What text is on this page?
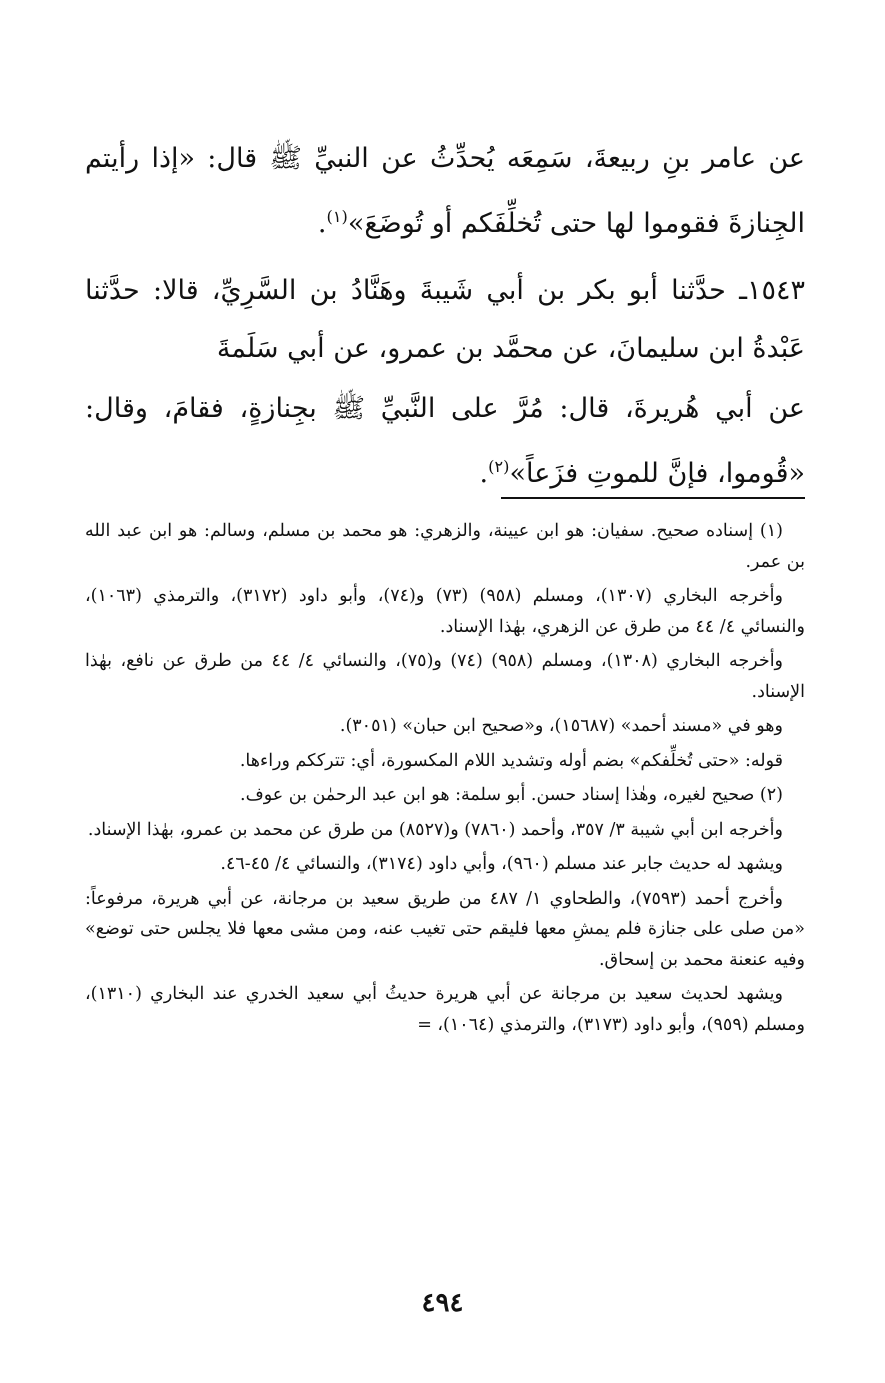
عن عامر بنِ ربيعةَ، سَمِعَه يُحدِّثُ عن النبيِّ ﷺ قال: «إذا رأيتم الجِنازةَ فقوموا لها حتى تُخلِّفَكم أو تُوضَعَ»$^{(١)}$.

١٥٤٣ـ حدَّثنا أبو بكر بن أبي شَيبةَ وهَنَّادُ بن السَّرِيِّ، قالا: حدَّثنا عَبْدةُ ابن سليمانَ، عن محمَّد بن عمرو، عن أبي سَلَمةَ

عن أبي هُريرةَ، قال: مُرَّ على النَّبيِّ ﷺ بجِنازةٍ، فقامَ، وقال: «قُوموا، فإنَّ للموتِ فزَعاً»$^{(٢)}$.

(١) إسناده صحيح. سفيان: هو ابن عيينة، والزهري: هو محمد بن مسلم، وسالم: هو ابن عبد الله بن عمر.

وأخرجه البخاري (١٣٠٧)، ومسلم (٩٥٨) (٧٣) و(٧٤)، وأبو داود (٣١٧٢)، والترمذي (١٠٦٣)، والنسائي ٤/ ٤٤ من طرق عن الزهري، بهٰذا الإسناد.

وأخرجه البخاري (١٣٠٨)، ومسلم (٩٥٨) (٧٤) و(٧٥)، والنسائي ٤/ ٤٤ من طرق عن نافع، بهٰذا الإسناد.

وهو في «مسند أحمد» (١٥٦٨٧)، و«صحيح ابن حبان» (٣٠٥١).

قوله: «حتى تُخلِّفكم» بضم أوله وتشديد اللام المكسورة، أي: تترككم وراءها.

(٢) صحيح لغيره، وهٰذا إسناد حسن. أبو سلمة: هو ابن عبد الرحمٰن بن عوف.

وأخرجه ابن أبي شيبة ٣/ ٣٥٧، وأحمد (٧٨٦٠) و(٨٥٢٧) من طرق عن محمد بن عمرو، بهٰذا الإسناد.

ويشهد له حديث جابر عند مسلم (٩٦٠)، وأبي داود (٣١٧٤)، والنسائي ٤/ ٤٥-٤٦.

وأخرج أحمد (٧٥٩٣)، والطحاوي ١/ ٤٨٧ من طريق سعيد بن مرجانة، عن أبي هريرة، مرفوعاً: «من صلى على جنازة فلم يمشِ معها فليقم حتى تغيب عنه، ومن مشى معها فلا يجلس حتى توضع» وفيه عنعنة محمد بن إسحاق.

ويشهد لحديث سعيد بن مرجانة عن أبي هريرة حديثُ أبي سعيد الخدري عند البخاري (١٣١٠)، ومسلم (٩٥٩)، وأبو داود (٣١٧٣)، والترمذي (١٠٦٤)، =

٤٩٤
